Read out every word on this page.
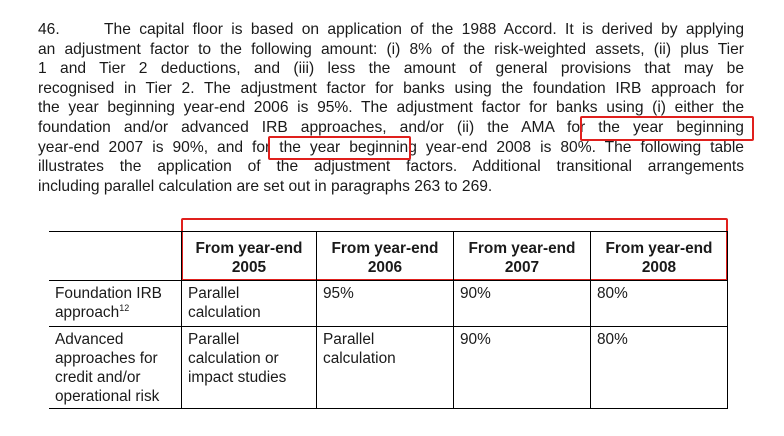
46.	The capital floor is based on application of the 1988 Accord. It is derived by applying
an adjustment factor to the following amount: (i) 8% of the risk-weighted assets, (ii) plus Tier
1 and Tier 2 deductions, and (iii) less the amount of general provisions that may be
recognised in Tier 2. The adjustment factor for banks using the foundation IRB approach for
the year beginning year-end 2006 is 95%. The adjustment factor for banks using (i) either the
foundation and/or advanced IRB approaches, and/or (ii) the AMA for the year beginning
year-end 2007 is 90%, and for the year beginning year-end 2008 is 80%. The following table
illustrates the application of the adjustment factors. Additional transitional arrangements
including parallel calculation are set out in paragraphs 263 to 269.
	From year-end 2005	From year-end 2006	From year-end 2007	From year-end 2008
Foundation IRB approach$^{12}$	Parallel calculation	95%	90%	80%
Advanced approaches for credit and/or operational risk	Parallel calculation or impact studies	Parallel calculation	90%	80%
